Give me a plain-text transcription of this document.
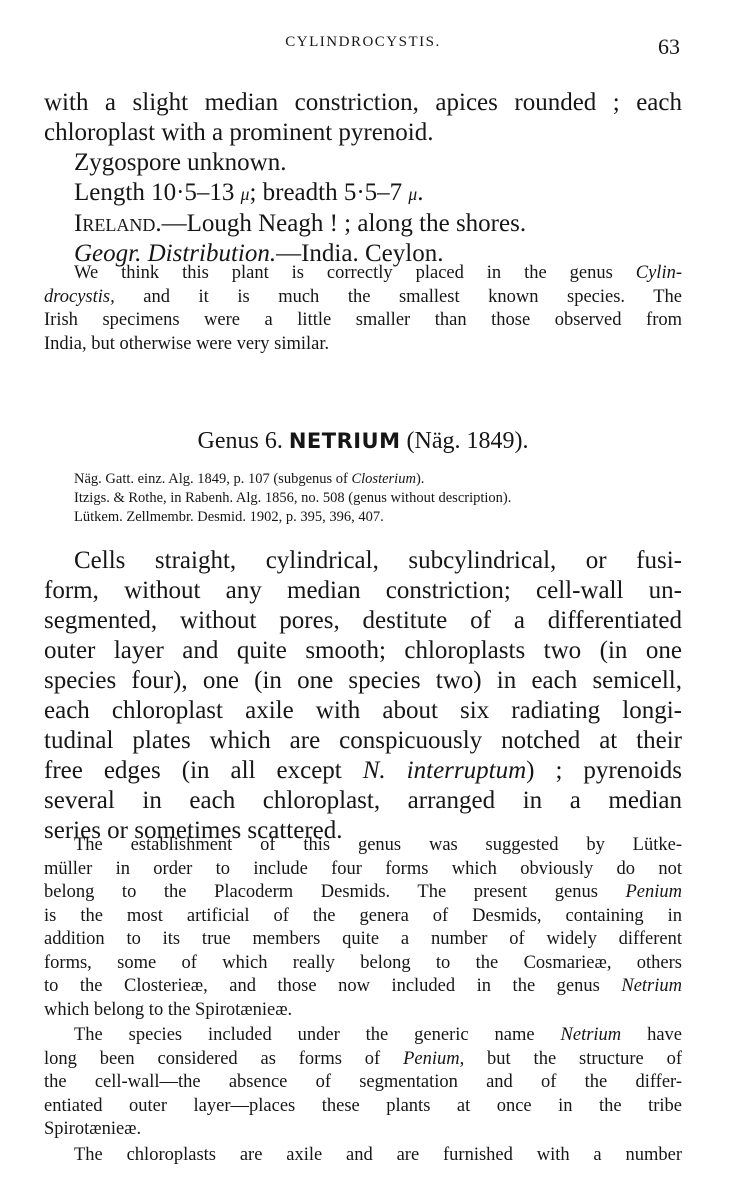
CYLINDROCYSTIS.	63
with a slight median constriction, apices rounded ; each
chloroplast with a prominent pyrenoid.
Zygospore unknown.
Length 10·5–13 μ; breadth 5·5–7 μ.
Ireland.—Lough Neagh ! ; along the shores.
Geogr. Distribution.—India. Ceylon.
We think this plant is correctly placed in the genus Cylin-
drocystis, and it is much the smallest known species. The
Irish specimens were a little smaller than those observed from
India, but otherwise were very similar.
Genus 6. NETRIUM (Näg. 1849).
Näg. Gatt. einz. Alg. 1849, p. 107 (subgenus of Closterium).
Itzigs. & Rothe, in Rabenh. Alg. 1856, no. 508 (genus without description).
Lütkem. Zellmembr. Desmid. 1902, p. 395, 396, 407.
Cells straight, cylindrical, subcylindrical, or fusi-
form, without any median constriction; cell-wall un-
segmented, without pores, destitute of a differentiated
outer layer and quite smooth; chloroplasts two (in one
species four), one (in one species two) in each semicell,
each chloroplast axile with about six radiating longi-
tudinal plates which are conspicuously notched at their
free edges (in all except N. interruptum) ; pyrenoids
several in each chloroplast, arranged in a median
series or sometimes scattered.
The establishment of this genus was suggested by Lütke-
müller in order to include four forms which obviously do not
belong to the Placoderm Desmids. The present genus Penium
is the most artificial of the genera of Desmids, containing in
addition to its true members quite a number of widely different
forms, some of which really belong to the Cosmarieæ, others
to the Closterieæ, and those now included in the genus Netrium
which belong to the Spirotænieæ.
The species included under the generic name Netrium have
long been considered as forms of Penium, but the structure of
the cell-wall—the absence of segmentation and of the differ-
entiated outer layer—places these plants at once in the tribe
Spirotænieæ.
The chloroplasts are axile and are furnished with a number
